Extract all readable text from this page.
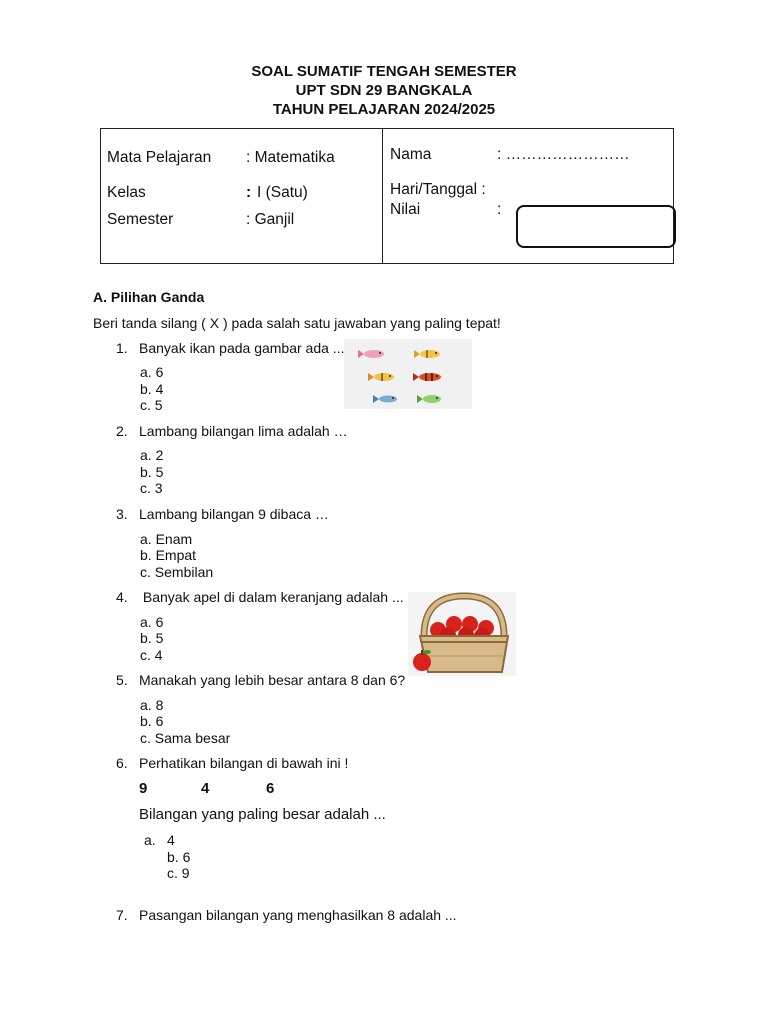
SOAL SUMATIF TENGAH SEMESTER
UPT SDN 29 BANGKALA
TAHUN PELAJARAN 2024/2025
Mata Pelajaran : Matematika
Kelas	: I (Satu)
Semester	: Ganjil
Nama	: ……………………
Hari/Tanggal :
Nilai	:
A. Pilihan Ganda
Beri tanda silang ( X ) pada salah satu jawaban yang paling tepat!
1. Banyak ikan pada gambar ada ...
a. 6
b. 4
c. 5
2. Lambang bilangan lima adalah …
a. 2
b. 5
c. 3
3. Lambang bilangan 9 dibaca …
a. Enam
b. Empat
c. Sembilan
4. Banyak apel di dalam keranjang adalah ...
a. 6
b. 5
c. 4
5. Manakah yang lebih besar antara 8 dan 6?
a. 8
b. 6
c. Sama besar
6. Perhatikan bilangan di bawah ini !
9	4	6
Bilangan yang paling besar adalah ...
a. 4
b. 6
c. 9
7. Pasangan bilangan yang menghasilkan 8 adalah ...
